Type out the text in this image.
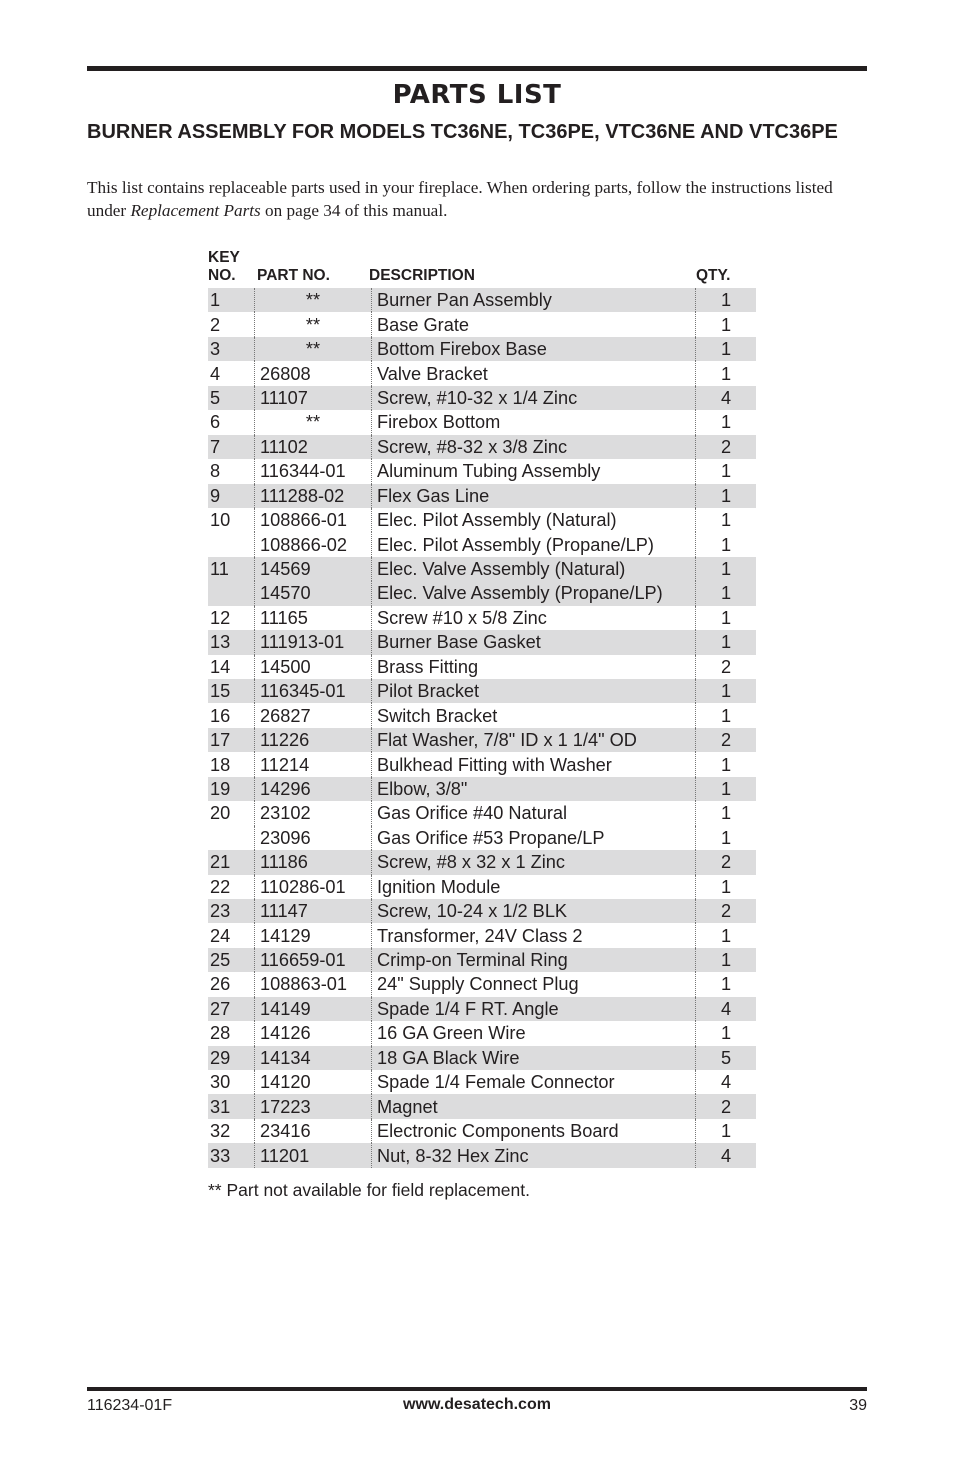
PARTS LIST
BURNER ASSEMBLY FOR MODELS TC36NE, TC36PE, VTC36NE AND VTC36PE
This list contains replaceable parts used in your fireplace. When ordering parts, follow the instructions listed under Replacement Parts on page 34 of this manual.
KEY
NO. PART NO.	DESCRIPTION	QTY.
1	**	Burner Pan Assembly	1
2	**	Base Grate	1
3	**	Bottom Firebox Base	1
4	26808	Valve Bracket	1
5	11107	Screw, #10-32 x 1/4 Zinc	4
6	**	Firebox Bottom	1
7	11102	Screw, #8-32 x 3/8 Zinc	2
8	116344-01	Aluminum Tubing Assembly	1
9	111288-02	Flex Gas Line	1
10	108866-01	Elec. Pilot Assembly (Natural)	1
	108866-02	Elec. Pilot Assembly (Propane/LP)	1
11	14569	Elec. Valve Assembly (Natural)	1
	14570	Elec. Valve Assembly (Propane/LP)	1
12	11165	Screw #10 x 5/8 Zinc	1
13	111913-01	Burner Base Gasket	1
14	14500	Brass Fitting	2
15	116345-01	Pilot Bracket	1
16	26827	Switch Bracket	1
17	11226	Flat Washer, 7/8" ID x 1 1/4" OD	2
18	11214	Bulkhead Fitting with Washer	1
19	14296	Elbow, 3/8"	1
20	23102	Gas Orifice #40 Natural	1
	23096	Gas Orifice #53 Propane/LP	1
21	11186	Screw, #8 x 32 x 1 Zinc	2
22	110286-01	Ignition Module	1
23	11147	Screw, 10-24 x 1/2 BLK	2
24	14129	Transformer, 24V Class 2	1
25	116659-01	Crimp-on Terminal Ring	1
26	108863-01	24" Supply Connect Plug	1
27	14149	Spade 1/4 F RT. Angle	4
28	14126	16 GA Green Wire	1
29	14134	18 GA Black Wire	5
30	14120	Spade 1/4 Female Connector	4
31	17223	Magnet	2
32	23416	Electronic Components Board	1
33	11201	Nut, 8-32 Hex Zinc	4
** Part not available for field replacement.
116234-01F	www.desatech.com	39
